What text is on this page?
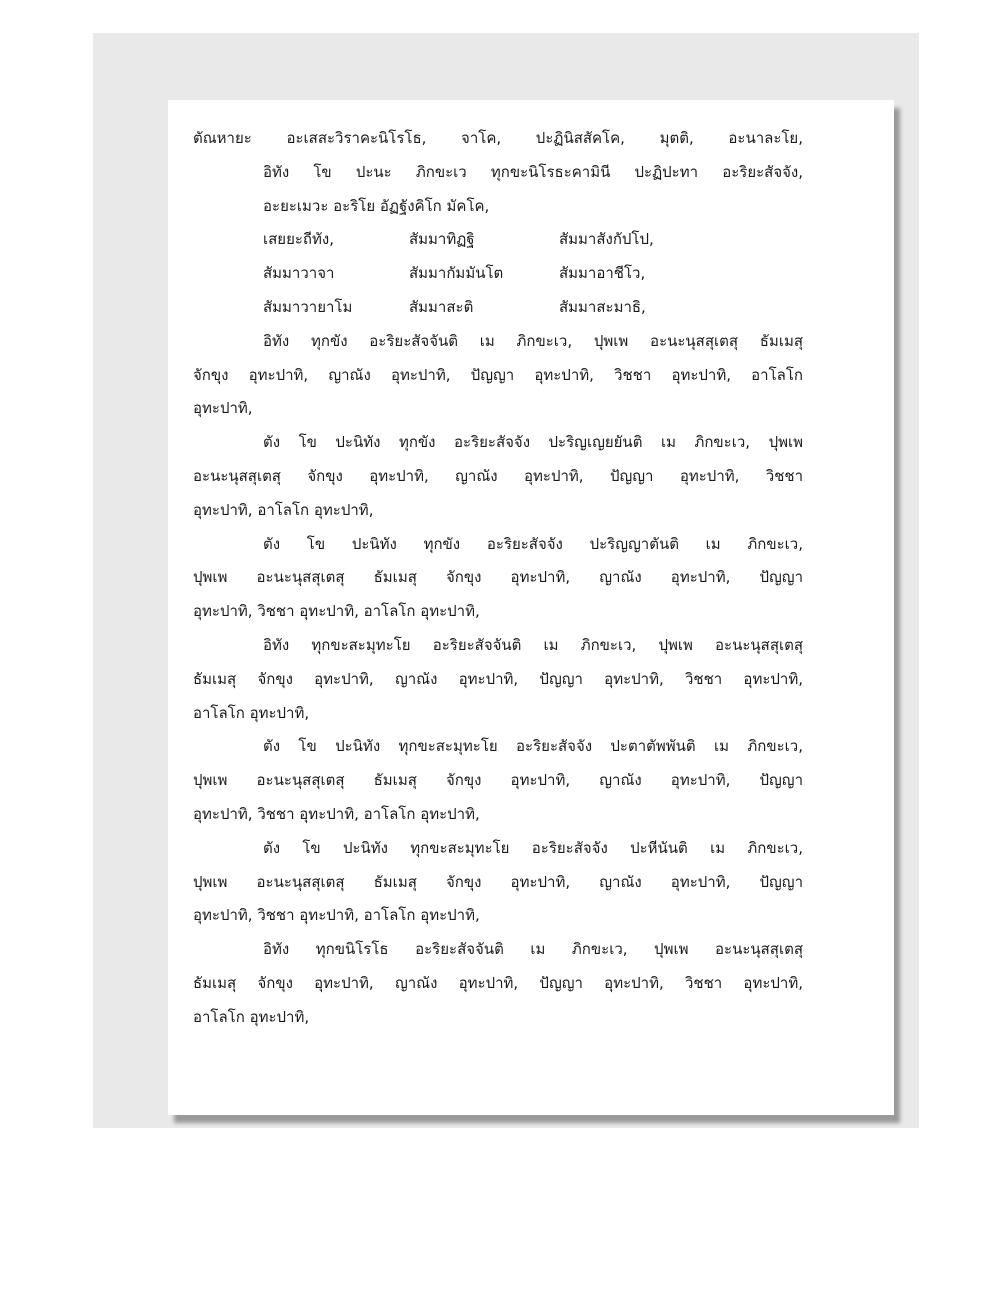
ตัณหายะ อะเสสะวิราคะนิโรโธ, จาโค, ปะฏินิสสัคโค, มุตติ, อะนาละโย,
อิทัง โข ปะนะ ภิกขะเว ทุกขะนิโรธะคามินี ปะฏิปะทา อะริยะสัจจัง,
อะยะเมวะ อะริโย อัฏฐังคิโก มัคโค,
เสยยะถีทัง,	สัมมาทิฏฐิ	สัมมาสังกัปโป,
สัมมาวาจา	สัมมากัมมันโต	สัมมาอาชีโว,
สัมมาวายาโม	สัมมาสะติ	สัมมาสะมาธิ,
อิทัง ทุกขัง อะริยะสัจจันติ เม ภิกขะเว, ปุพเพ อะนะนุสสุเตสุ ธัมเมสุ
จักขุง อุทะปาทิ, ญาณัง อุทะปาทิ, ปัญญา อุทะปาทิ, วิชชา อุทะปาทิ, อาโลโก
อุทะปาทิ,
ตัง โข ปะนิทัง ทุกขัง อะริยะสัจจัง ปะริญเญยยันติ เม ภิกขะเว, ปุพเพ
อะนะนุสสุเตสุ จักขุง อุทะปาทิ, ญาณัง อุทะปาทิ, ปัญญา อุทะปาทิ, วิชชา
อุทะปาทิ, อาโลโก อุทะปาทิ,
ตัง โข ปะนิทัง ทุกขัง อะริยะสัจจัง ปะริญญาตันติ เม ภิกขะเว,
ปุพเพ อะนะนุสสุเตสุ ธัมเมสุ จักขุง อุทะปาทิ, ญาณัง อุทะปาทิ, ปัญญา
อุทะปาทิ, วิชชา อุทะปาทิ, อาโลโก อุทะปาทิ,
อิทัง ทุกขะสะมุทะโย อะริยะสัจจันติ เม ภิกขะเว, ปุพเพ อะนะนุสสุเตสุ
ธัมเมสุ จักขุง อุทะปาทิ, ญาณัง อุทะปาทิ, ปัญญา อุทะปาทิ, วิชชา อุทะปาทิ,
อาโลโก อุทะปาทิ,
ตัง โข ปะนิทัง ทุกขะสะมุทะโย อะริยะสัจจัง ปะตาตัพพันติ เม ภิกขะเว,
ปุพเพ อะนะนุสสุเตสุ ธัมเมสุ จักขุง อุทะปาทิ, ญาณัง อุทะปาทิ, ปัญญา
อุทะปาทิ, วิชชา อุทะปาทิ, อาโลโก อุทะปาทิ,
ตัง โข ปะนิทัง ทุกขะสะมุทะโย อะริยะสัจจัง ปะหีนันติ เม ภิกขะเว,
ปุพเพ อะนะนุสสุเตสุ ธัมเมสุ จักขุง อุทะปาทิ, ญาณัง อุทะปาทิ, ปัญญา
อุทะปาทิ, วิชชา อุทะปาทิ, อาโลโก อุทะปาทิ,
อิทัง ทุกขนิโรโธ อะริยะสัจจันติ เม ภิกขะเว, ปุพเพ อะนะนุสสุเตสุ
ธัมเมสุ จักขุง อุทะปาทิ, ญาณัง อุทะปาทิ, ปัญญา อุทะปาทิ, วิชชา อุทะปาทิ,
อาโลโก อุทะปาทิ,
